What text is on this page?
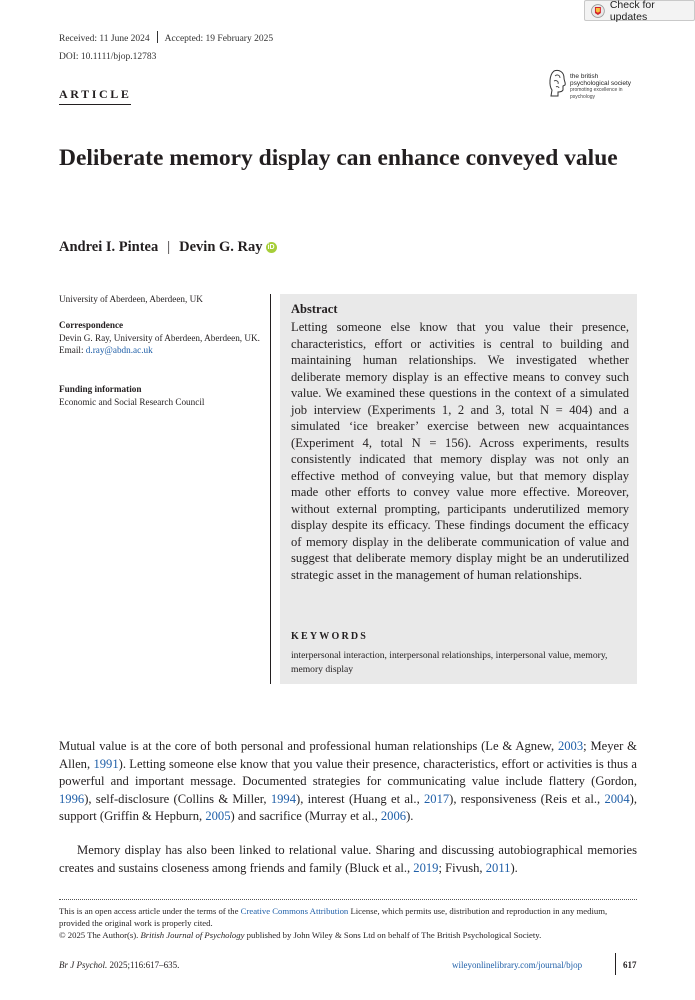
Check for updates
Received: 11 June 2024 Accepted: 19 February 2025
DOI: 10.1111/bjop.12783
ARTICLE
the british
psychological society
promoting excellence in psychology
Deliberate memory display can enhance conveyed value
Andrei I. Pintea | Devin G. Ray iD
University of Aberdeen, Aberdeen, UK
Correspondence
Devin G. Ray, University of Aberdeen, Aberdeen, UK.
Email: d.ray@abdn.ac.uk
Funding information
Economic and Social Research Council
Abstract
Letting someone else know that you value their presence, characteristics, effort or activities is central to building and maintaining human relationships. We investigated whether deliberate memory display is an effective means to convey such value. We examined these questions in the context of a simulated job interview (Experiments 1, 2 and 3, total N = 404) and a simulated ‘ice breaker’ exercise between new acquaintances (Experiment 4, total N = 156). Across experiments, results consistently indicated that memory display was not only an effective method of conveying value, but that memory display made other efforts to convey value more effective. Moreover, without external prompting, participants underutilized memory display despite its efficacy. These findings document the efficacy of memory display in the deliberate communication of value and suggest that deliberate memory display might be an underutilized strategic asset in the management of human relationships.
KEYWORDS
interpersonal interaction, interpersonal relationships, interpersonal value, memory, memory display
Mutual value is at the core of both personal and professional human relationships (Le & Agnew, 2003; Meyer & Allen, 1991). Letting someone else know that you value their presence, characteristics, effort or activities is thus a powerful and important message. Documented strategies for communicating value include flattery (Gordon, 1996), self-disclosure (Collins & Miller, 1994), interest (Huang et al., 2017), responsiveness (Reis et al., 2004), support (Griffin & Hepburn, 2005) and sacrifice (Murray et al., 2006).
Memory display has also been linked to relational value. Sharing and discussing autobiographical memories creates and sustains closeness among friends and family (Bluck et al., 2019; Fivush, 2011).
This is an open access article under the terms of the Creative Commons Attribution License, which permits use, distribution and reproduction in any medium, provided the original work is properly cited.
© 2025 The Author(s). British Journal of Psychology published by John Wiley & Sons Ltd on behalf of The British Psychological Society.
Br J Psychol. 2025;116:617–635.	wileyonlinelibrary.com/journal/bjop	617
